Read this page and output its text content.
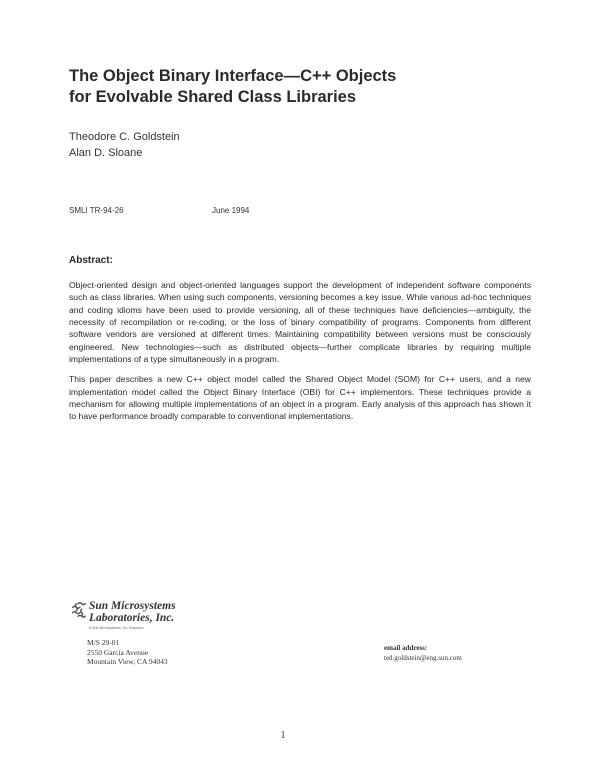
The Object Binary Interface—C++ Objects
for Evolvable Shared Class Libraries
Theodore C. Goldstein
Alan D. Sloane
SMLI TR-94-26	June 1994
Abstract:

Object-oriented design and object-oriented languages support the development of independent software components such as class libraries. When using such components, versioning becomes a key issue. While various ad-hoc techniques and coding idioms have been used to provide versioning, all of these techniques have deficiencies—ambiguity, the necessity of recompilation or re-coding, or the loss of binary compatibility of programs. Components from different software vendors are versioned at different times. Maintaining compatibility between versions must be consciously engineered. New technologies—such as distributed objects—further complicate libraries by requiring multiple implementations of a type simultaneously in a program.

This paper describes a new C++ object model called the Shared Object Model (SOM) for C++ users, and a new implementation model called the Object Binary Interface (OBI) for C++ implementors. These techniques provide a mechanism for allowing multiple implementations of an object in a program. Early analysis of this approach has shown it to have performance broadly comparable to conventional implementations.

Sun Microsystems
Laboratories, Inc.
A Sun Microsystems, Inc. Business
M/S 29-01
2550 Garcia Avenue
Mountain View, CA 94043
email address:
ted.goldstein@eng.sun.com
1
